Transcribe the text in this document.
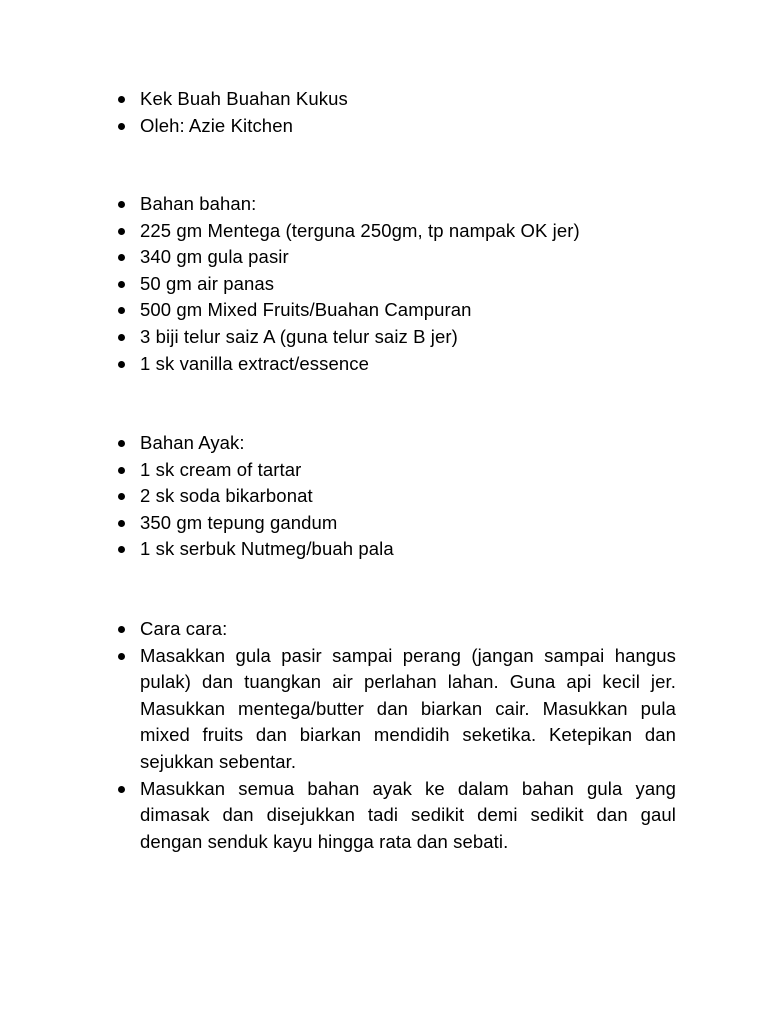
Kek Buah Buahan Kukus
Oleh: Azie Kitchen
Bahan bahan:
225 gm Mentega (terguna 250gm, tp nampak OK jer)
340 gm gula pasir
50 gm air panas
500 gm Mixed Fruits/Buahan Campuran
3 biji telur saiz A (guna telur saiz B jer)
1 sk vanilla extract/essence
Bahan Ayak:
1 sk cream of tartar
2 sk soda bikarbonat
350 gm tepung gandum
1 sk serbuk Nutmeg/buah pala
Cara cara:
Masakkan gula pasir sampai perang (jangan sampai hangus pulak) dan tuangkan air perlahan lahan. Guna api kecil jer. Masukkan mentega/butter dan biarkan cair. Masukkan pula mixed fruits dan biarkan mendidih seketika. Ketepikan dan sejukkan sebentar.
Masukkan semua bahan ayak ke dalam bahan gula yang dimasak dan disejukkan tadi sedikit demi sedikit dan gaul dengan senduk kayu hingga rata dan sebati.
